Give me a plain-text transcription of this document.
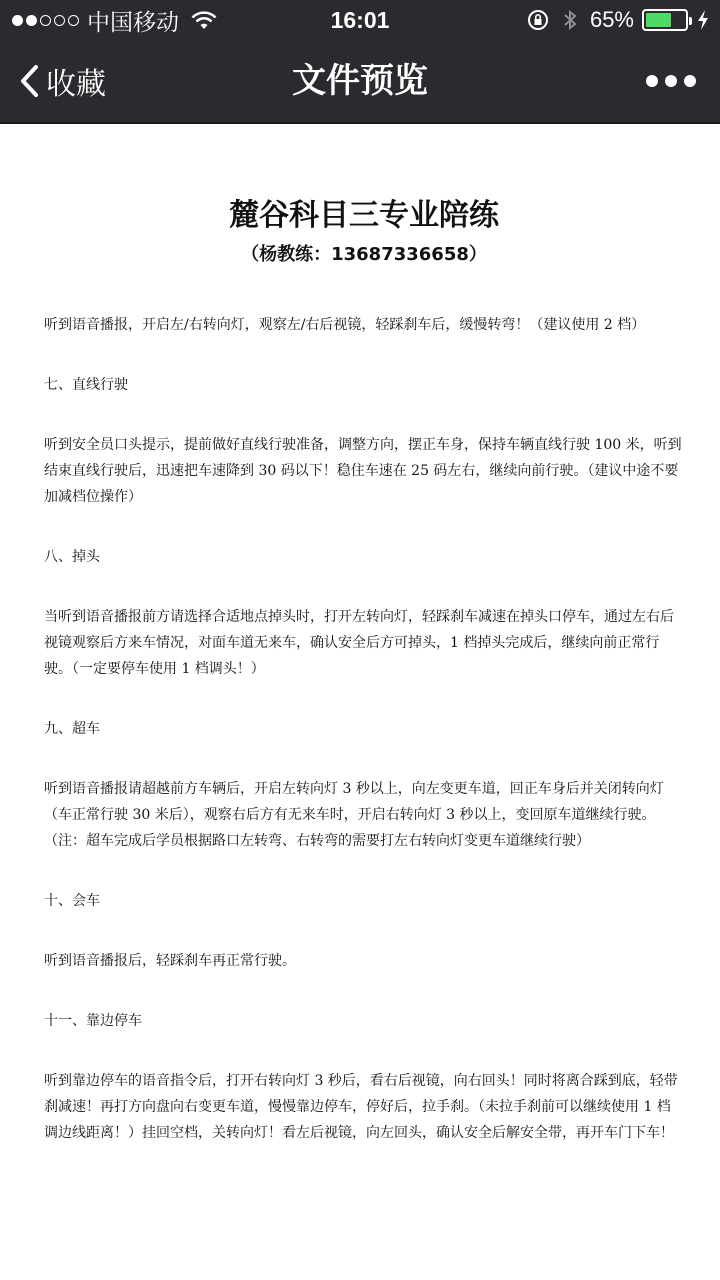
中国移动	16:01	65%
收藏	文件预览
麓谷科目三专业陪练
（杨教练：13687336658）

听到语音播报，开启左/右转向灯，观察左/右后视镜，轻踩刹车后，缓慢转弯！（建议使用 2 档）

七、直线行驶

听到安全员口头提示，提前做好直线行驶准备，调整方向，摆正车身，保持车辆直线行驶 100 米，听到结束直线行驶后，迅速把车速降到 30 码以下！稳住车速在 25 码左右，继续向前行驶。（建议中途不要加减档位操作）

八、掉头

当听到语音播报前方请选择合适地点掉头时，打开左转向灯，轻踩刹车减速在掉头口停车，通过左右后视镜观察后方来车情况，对面车道无来车，确认安全后方可掉头，1 档掉头完成后，继续向前正常行驶。（一定要停车使用 1 档调头！）

九、超车

听到语音播报请超越前方车辆后，开启左转向灯 3 秒以上，向左变更车道，回正车身后并关闭转向灯（车正常行驶 30 米后），观察右后方有无来车时，开启右转向灯 3 秒以上，变回原车道继续行驶。（注：超车完成后学员根据路口左转弯、右转弯的需要打左右转向灯变更车道继续行驶）

十、会车

听到语音播报后，轻踩刹车再正常行驶。

十一、靠边停车

听到靠边停车的语音指令后，打开右转向灯 3 秒后，看右后视镜，向右回头！同时将离合踩到底，轻带刹减速！再打方向盘向右变更车道，慢慢靠边停车，停好后，拉手刹。（未拉手刹前可以继续使用 1 档调边线距离！）挂回空档，关转向灯！看左后视镜，向左回头，确认安全后解安全带，再开车门下车！
